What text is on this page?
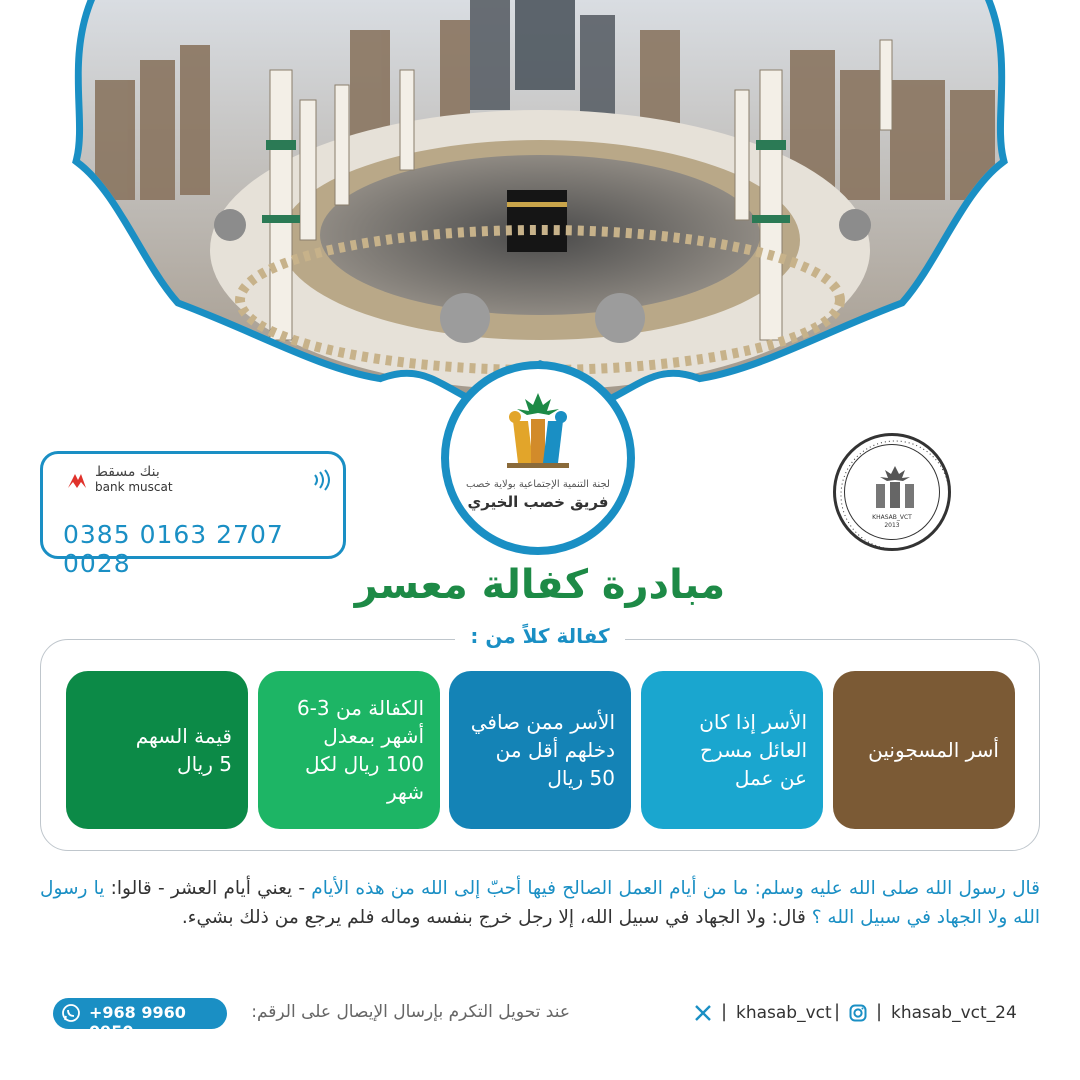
لجنة التنمية الإجتماعية بولاية خصب
فريق خصب الخيري
KHASAB_VCT
2013
بنك مسقط
bank muscat
0385 0163 2707 0028	مبادرة كفالة معسر
كفالة كلاً من :
أسر المسجونين
الأسر إذا كان
العائل مسرح
عن عمل
الأسر ممن صافي
دخلهم أقل من
50 ريال
الكفالة من 3-6
أشهر بمعدل
100 ريال لكل
شهر
قيمة السهم
5 ريال
قال رسول الله صلى الله عليه وسلم: ما من أيام العمل الصالح فيها أحبّ إلى الله من هذه الأيام - يعني أيام العشر - قالوا: يا رسول الله ولا الجهاد في سبيل الله ؟ قال: ولا الجهاد في سبيل الله، إلا رجل خرج بنفسه وماله فلم يرجع من ذلك بشيء.
+968 9960 0950
عند تحويل التكرم بإرسال الإيصال على الرقم:	| khasab_vct | | khasab_vct_24
